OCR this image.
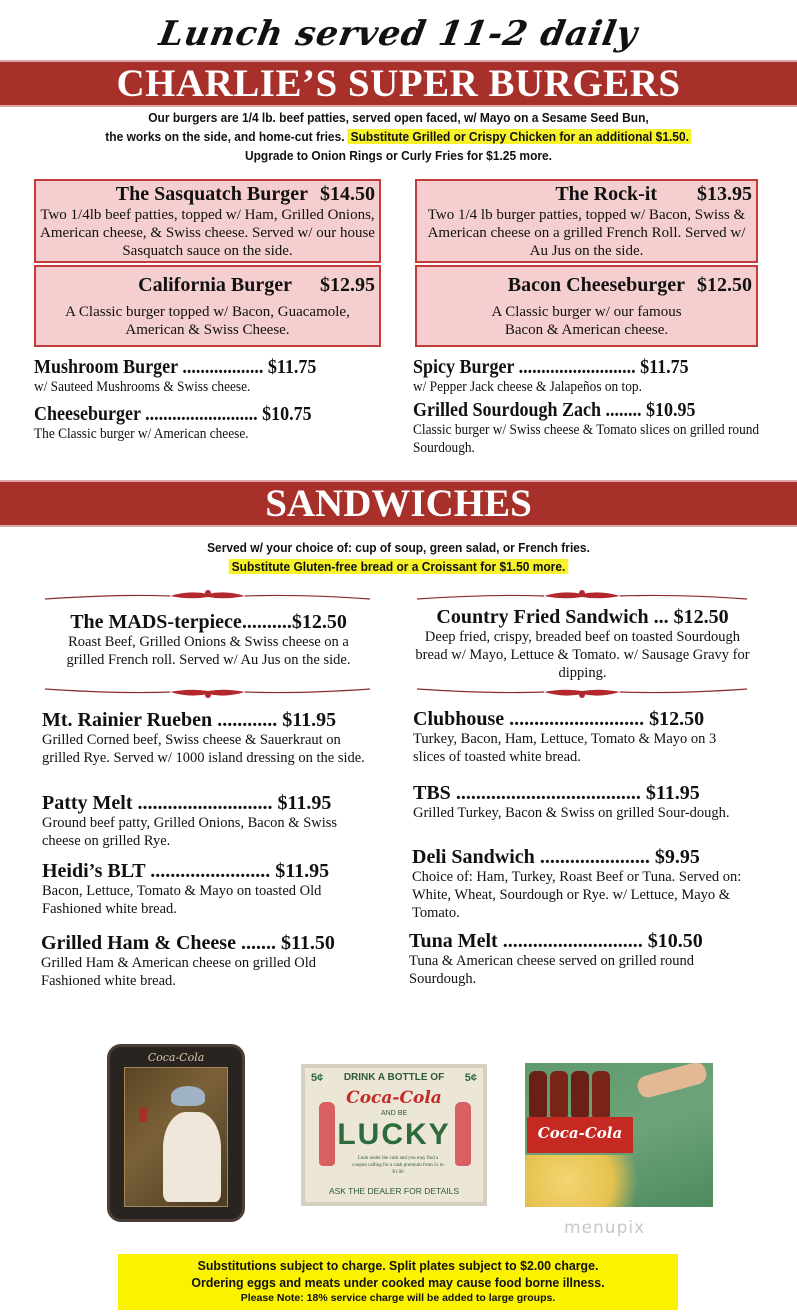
Lunch served 11-2 daily
CHARLIE’S SUPER BURGERS
Our burgers are 1/4 lb. beef patties, served open faced, w/ Mayo on a Sesame Seed Bun,
the works on the side, and home-cut fries. Substitute Grilled or Crispy Chicken for an additional $1.50.
Upgrade to Onion Rings or Curly Fries for $1.25 more.
The Sasquatch Burger $14.50
Two 1/4lb beef patties, topped w/ Ham, Grilled Onions, American cheese, & Swiss cheese. Served w/ our house Sasquatch sauce on the side.
The Rock-it $13.95
Two 1/4 lb burger patties, topped w/ Bacon, Swiss & American cheese on a grilled French Roll. Served w/ Au Jus on the side.
California Burger $12.95
A Classic burger topped w/ Bacon, Guacamole, American & Swiss Cheese.
Bacon Cheeseburger $12.50
A Classic burger w/ our famous Bacon & American cheese.
Mushroom Burger .................. $11.75
w/ Sauteed Mushrooms & Swiss cheese.
Spicy Burger .......................... $11.75
w/ Pepper Jack cheese & Jalapeños on top.
Cheeseburger ......................... $10.75
The Classic burger w/ American cheese.
Grilled Sourdough Zach ........ $10.95
Classic burger w/ Swiss cheese & Tomato slices on grilled round Sourdough.
SANDWICHES
Served w/ your choice of: cup of soup, green salad, or French fries.
Substitute Gluten-free bread or a Croissant for $1.50 more.
The MADS-terpiece..........$12.50
Roast Beef, Grilled Onions & Swiss cheese on a grilled French roll. Served w/ Au Jus on the side.
Country Fried Sandwich ... $12.50
Deep fried, crispy, breaded beef on toasted Sourdough bread w/ Mayo, Lettuce & Tomato. w/ Sausage Gravy for dipping.
Mt. Rainier Rueben ............ $11.95
Grilled Corned beef, Swiss cheese & Sauerkraut on grilled Rye. Served w/ 1000 island dressing on the side.
Patty Melt ........................... $11.95
Ground beef patty, Grilled Onions, Bacon & Swiss cheese on grilled Rye.
Heidi’s BLT ........................ $11.95
Bacon, Lettuce, Tomato & Mayo on toasted Old Fashioned white bread.
Grilled Ham & Cheese ....... $11.50
Grilled Ham & American cheese on grilled Old Fashioned white bread.
Clubhouse ........................... $12.50
Turkey, Bacon, Ham, Lettuce, Tomato & Mayo on 3 slices of toasted white bread.
TBS ..................................... $11.95
Grilled Turkey, Bacon & Swiss on grilled Sour-dough.
Deli Sandwich ...................... $9.95
Choice of: Ham, Turkey, Roast Beef or Tuna. Served on: White, Wheat, Sourdough or Rye. w/ Lettuce, Mayo & Tomato.
Tuna Melt ............................ $10.50
Tuna & American cheese served on grilled round Sourdough.
Coca-Cola
5¢ DRINK A BOTTLE OF 5¢
Coca-Cola
AND BE
LUCKY
Look under the cork and you may find a coupon calling for a cash premium from 5c to $1.00
ASK THE DEALER FOR DETAILS
Coca-Cola
menupix
Substitutions subject to charge. Split plates subject to $2.00 charge.
Ordering eggs and meats under cooked may cause food borne illness.
Please Note: 18% service charge will be added to large groups.
